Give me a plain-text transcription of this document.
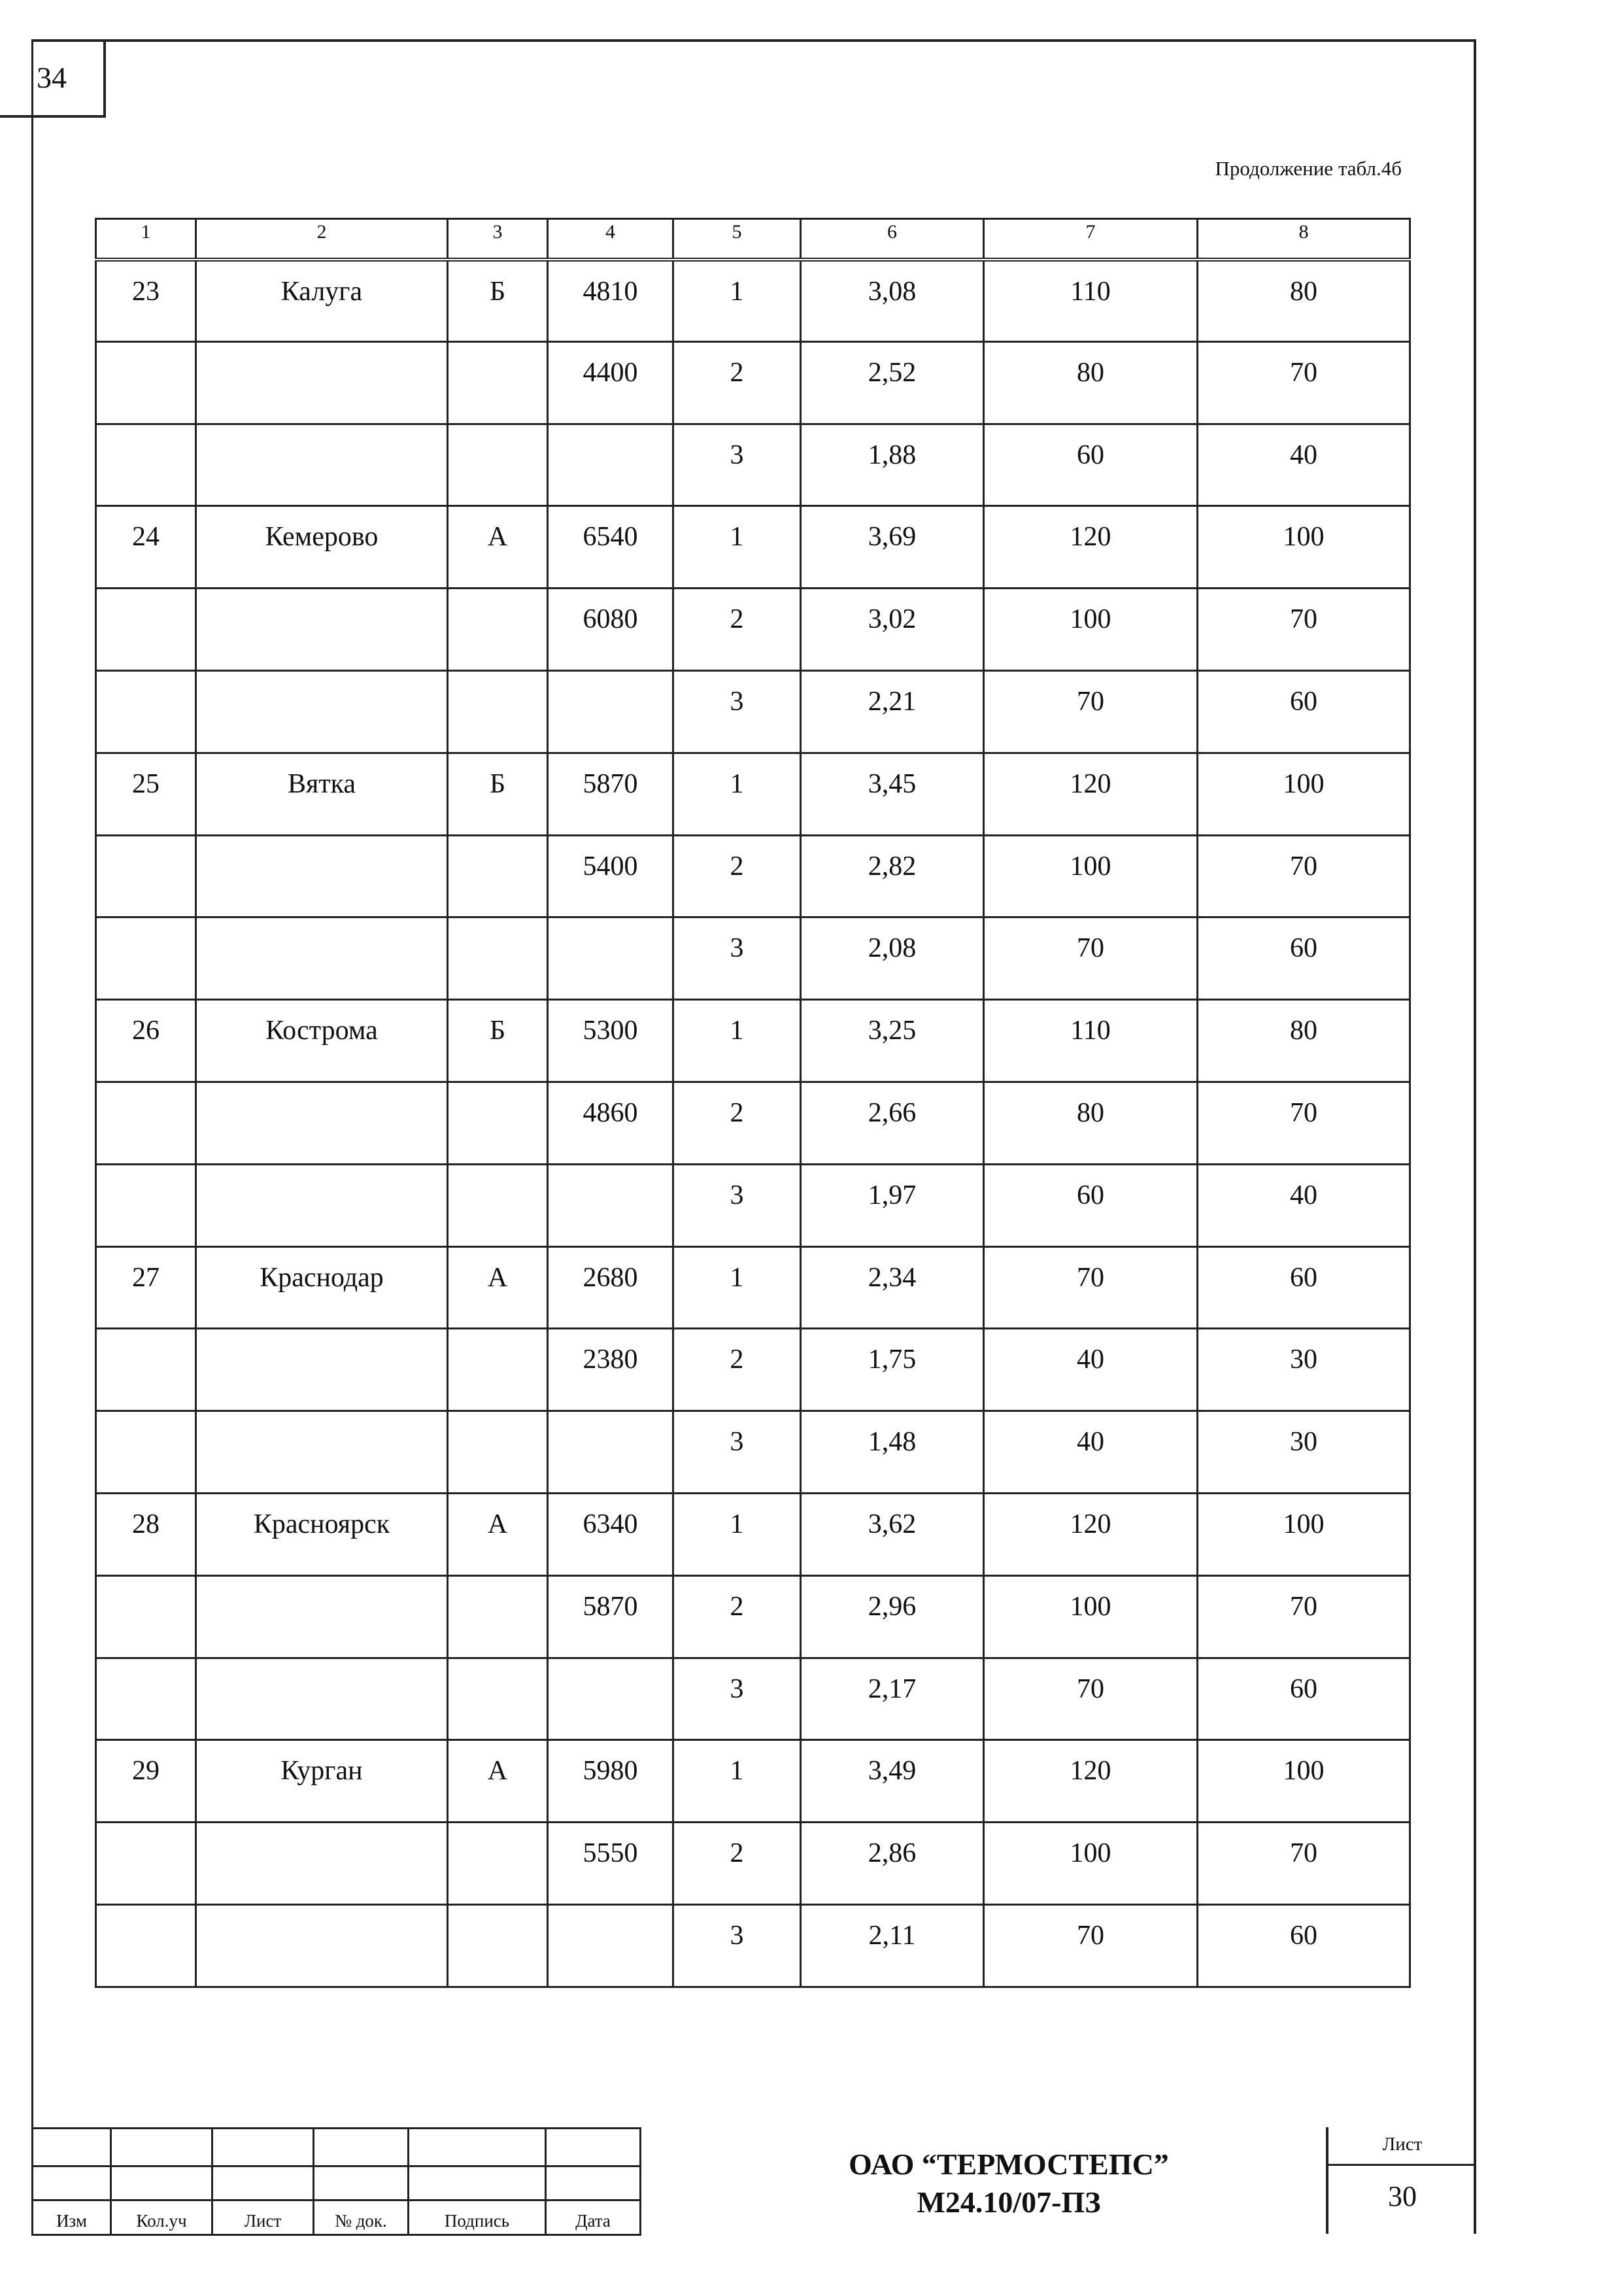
34
Продолжение табл.4б
1	2	3	4	5	6	7	8
23	Калуга	Б	4810	1	3,08	110	80
			4400	2	2,52	80	70
				3	1,88	60	40
24	Кемерово	А	6540	1	3,69	120	100
			6080	2	3,02	100	70
				3	2,21	70	60
25	Вятка	Б	5870	1	3,45	120	100
			5400	2	2,82	100	70
				3	2,08	70	60
26	Кострома	Б	5300	1	3,25	110	80
			4860	2	2,66	80	70
				3	1,97	60	40
27	Краснодар	А	2680	1	2,34	70	60
			2380	2	1,75	40	30
				3	1,48	40	30
28	Красноярск	А	6340	1	3,62	120	100
			5870	2	2,96	100	70
				3	2,17	70	60
29	Курган	А	5980	1	3,49	120	100
			5550	2	2,86	100	70
				3	2,11	70	60

Изм	Кол.уч	Лист	№ док.	Подпись	Дата
ОАО “ТЕРМОСТЕПС”
М24.10/07-ПЗ
Лист
30
